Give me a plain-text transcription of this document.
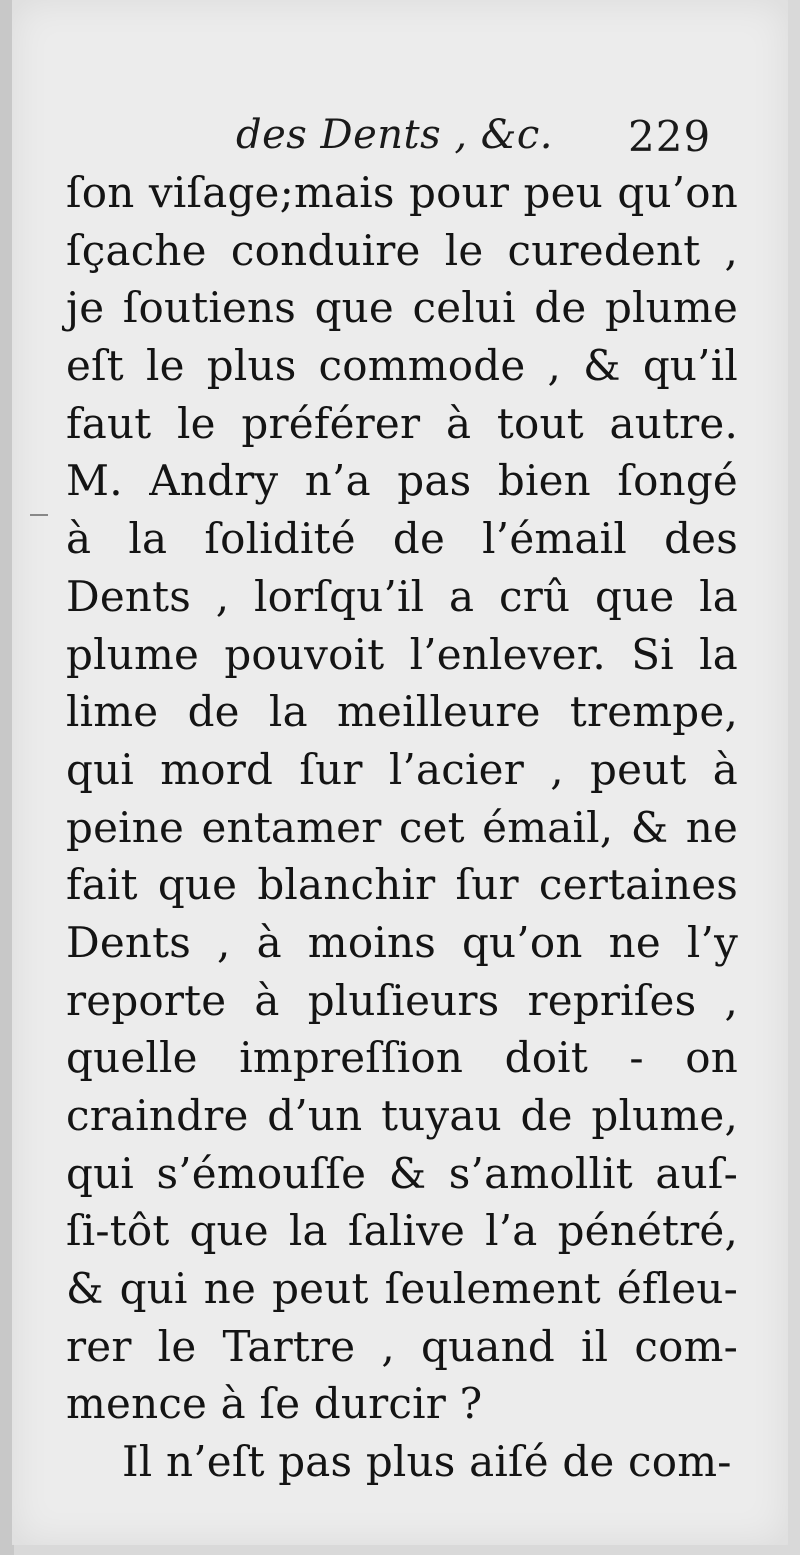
des Dents , &c. 229
ſon viſage;mais pour peu qu’on
ſçache conduire le curedent ,
je ſoutiens que celui de plume
eſt le plus commode , & qu’il
faut le préférer à tout autre.
M. Andry n’a pas bien ſongé
à la ſolidité de l’émail des
Dents , lorſqu’il a crû que la
plume pouvoit l’enlever. Si la
lime de la meilleure trempe,
qui mord ſur l’acier , peut à
peine entamer cet émail, & ne
fait que blanchir ſur certaines
Dents , à moins qu’on ne l’y
reporte à pluſieurs repriſes ,
quelle impreſſion doit - on
craindre d’un tuyau de plume,
qui s’émouſſe & s’amollit auſ-
ſi-tôt que la ſalive l’a pénétré,
& qui ne peut ſeulement éfleu-
rer le Tartre , quand il com-
mence à ſe durcir ?
Il n’eſt pas plus aiſé de com-
